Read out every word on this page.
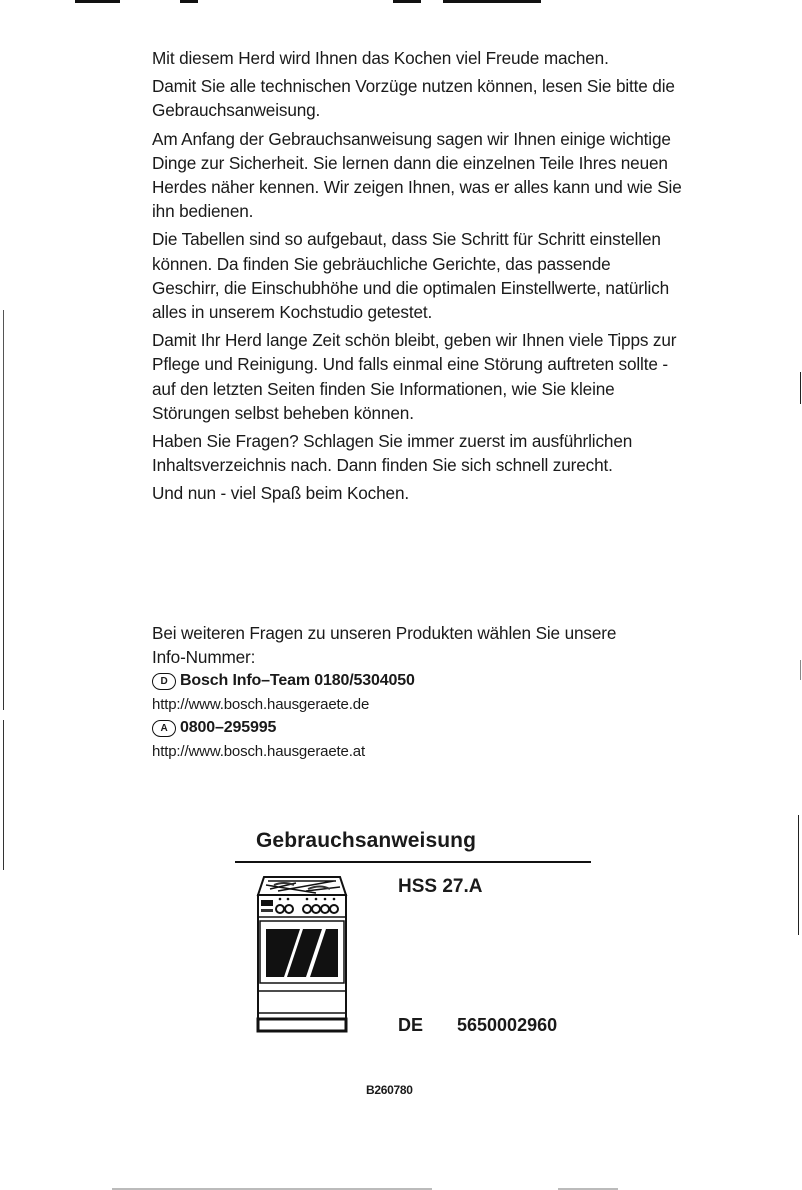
Mit diesem Herd wird Ihnen das Kochen viel Freude machen.

Damit Sie alle technischen Vorzüge nutzen können, lesen Sie bitte die Gebrauchsanweisung.

Am Anfang der Gebrauchsanweisung sagen wir Ihnen einige wichtige Dinge zur Sicherheit. Sie lernen dann die einzelnen Teile Ihres neuen Herdes näher kennen. Wir zeigen Ihnen, was er alles kann und wie Sie ihn bedienen.

Die Tabellen sind so aufgebaut, dass Sie Schritt für Schritt einstellen können. Da finden Sie gebräuchliche Gerichte, das passende Geschirr, die Einschubhöhe und die optimalen Einstellwerte, natürlich alles in unserem Kochstudio getestet.

Damit Ihr Herd lange Zeit schön bleibt, geben wir Ihnen viele Tipps zur Pflege und Reinigung. Und falls einmal eine Störung auftreten sollte - auf den letzten Seiten finden Sie Informationen, wie Sie kleine Störungen selbst beheben können.

Haben Sie Fragen? Schlagen Sie immer zuerst im ausführlichen Inhaltsverzeichnis nach. Dann finden Sie sich schnell zurecht.

Und nun - viel Spaß beim Kochen.

Bei weiteren Fragen zu unseren Produkten wählen Sie unsere Info-Nummer:
D Bosch Info–Team 0180/5304050
http://www.bosch.hausgeraete.de
A 0800–295995
http://www.bosch.hausgeraete.at
Gebrauchsanweisung
HSS 27.A
DE 5650002960
B260780
